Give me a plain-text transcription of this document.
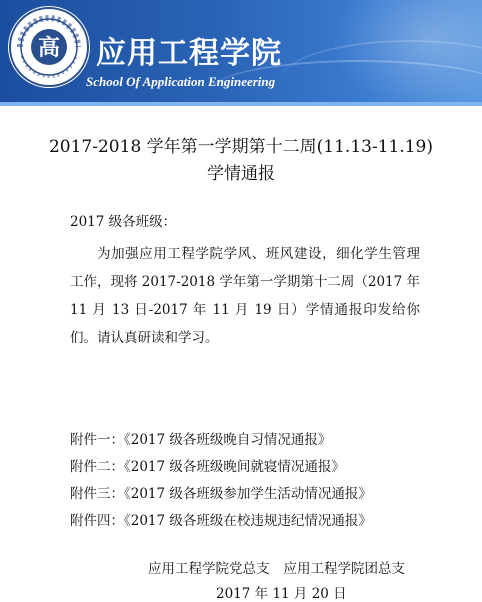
高 应用工程学院
School Of Application Engineering
2017-2018 学年第一学期第十二周(11.13-11.19)
学情通报
2017 级各班级：
为加强应用工程学院学风、班风建设，细化学生管理工作，现将 2017-2018 学年第一学期第十二周（2017 年 11 月 13 日-2017 年 11 月 19 日）学情通报印发给你们。请认真研读和学习。
附件一：《2017 级各班级晚自习情况通报》
附件二：《2017 级各班级晚间就寝情况通报》
附件三：《2017 级各班级参加学生活动情况通报》
附件四：《2017 级各班级在校违规违纪情况通报》
应用工程学院党总支 应用工程学院团总支
2017 年 11 月 20 日
